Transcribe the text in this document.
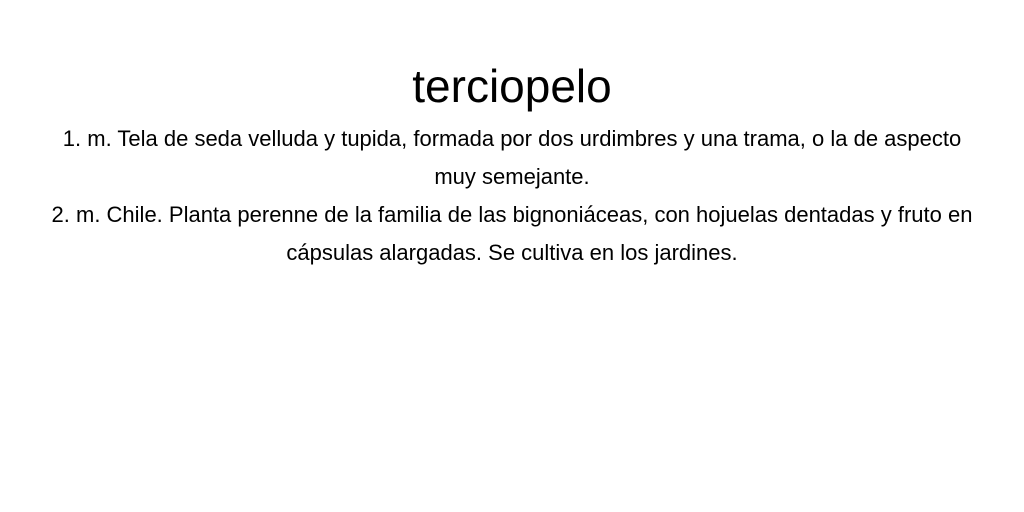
terciopelo

1. m. Tela de seda velluda y tupida, formada por dos urdimbres y una trama, o la de aspecto muy semejante.

2. m. Chile. Planta perenne de la familia de las bignoniáceas, con hojuelas dentadas y fruto en cápsulas alargadas. Se cultiva en los jardines.
